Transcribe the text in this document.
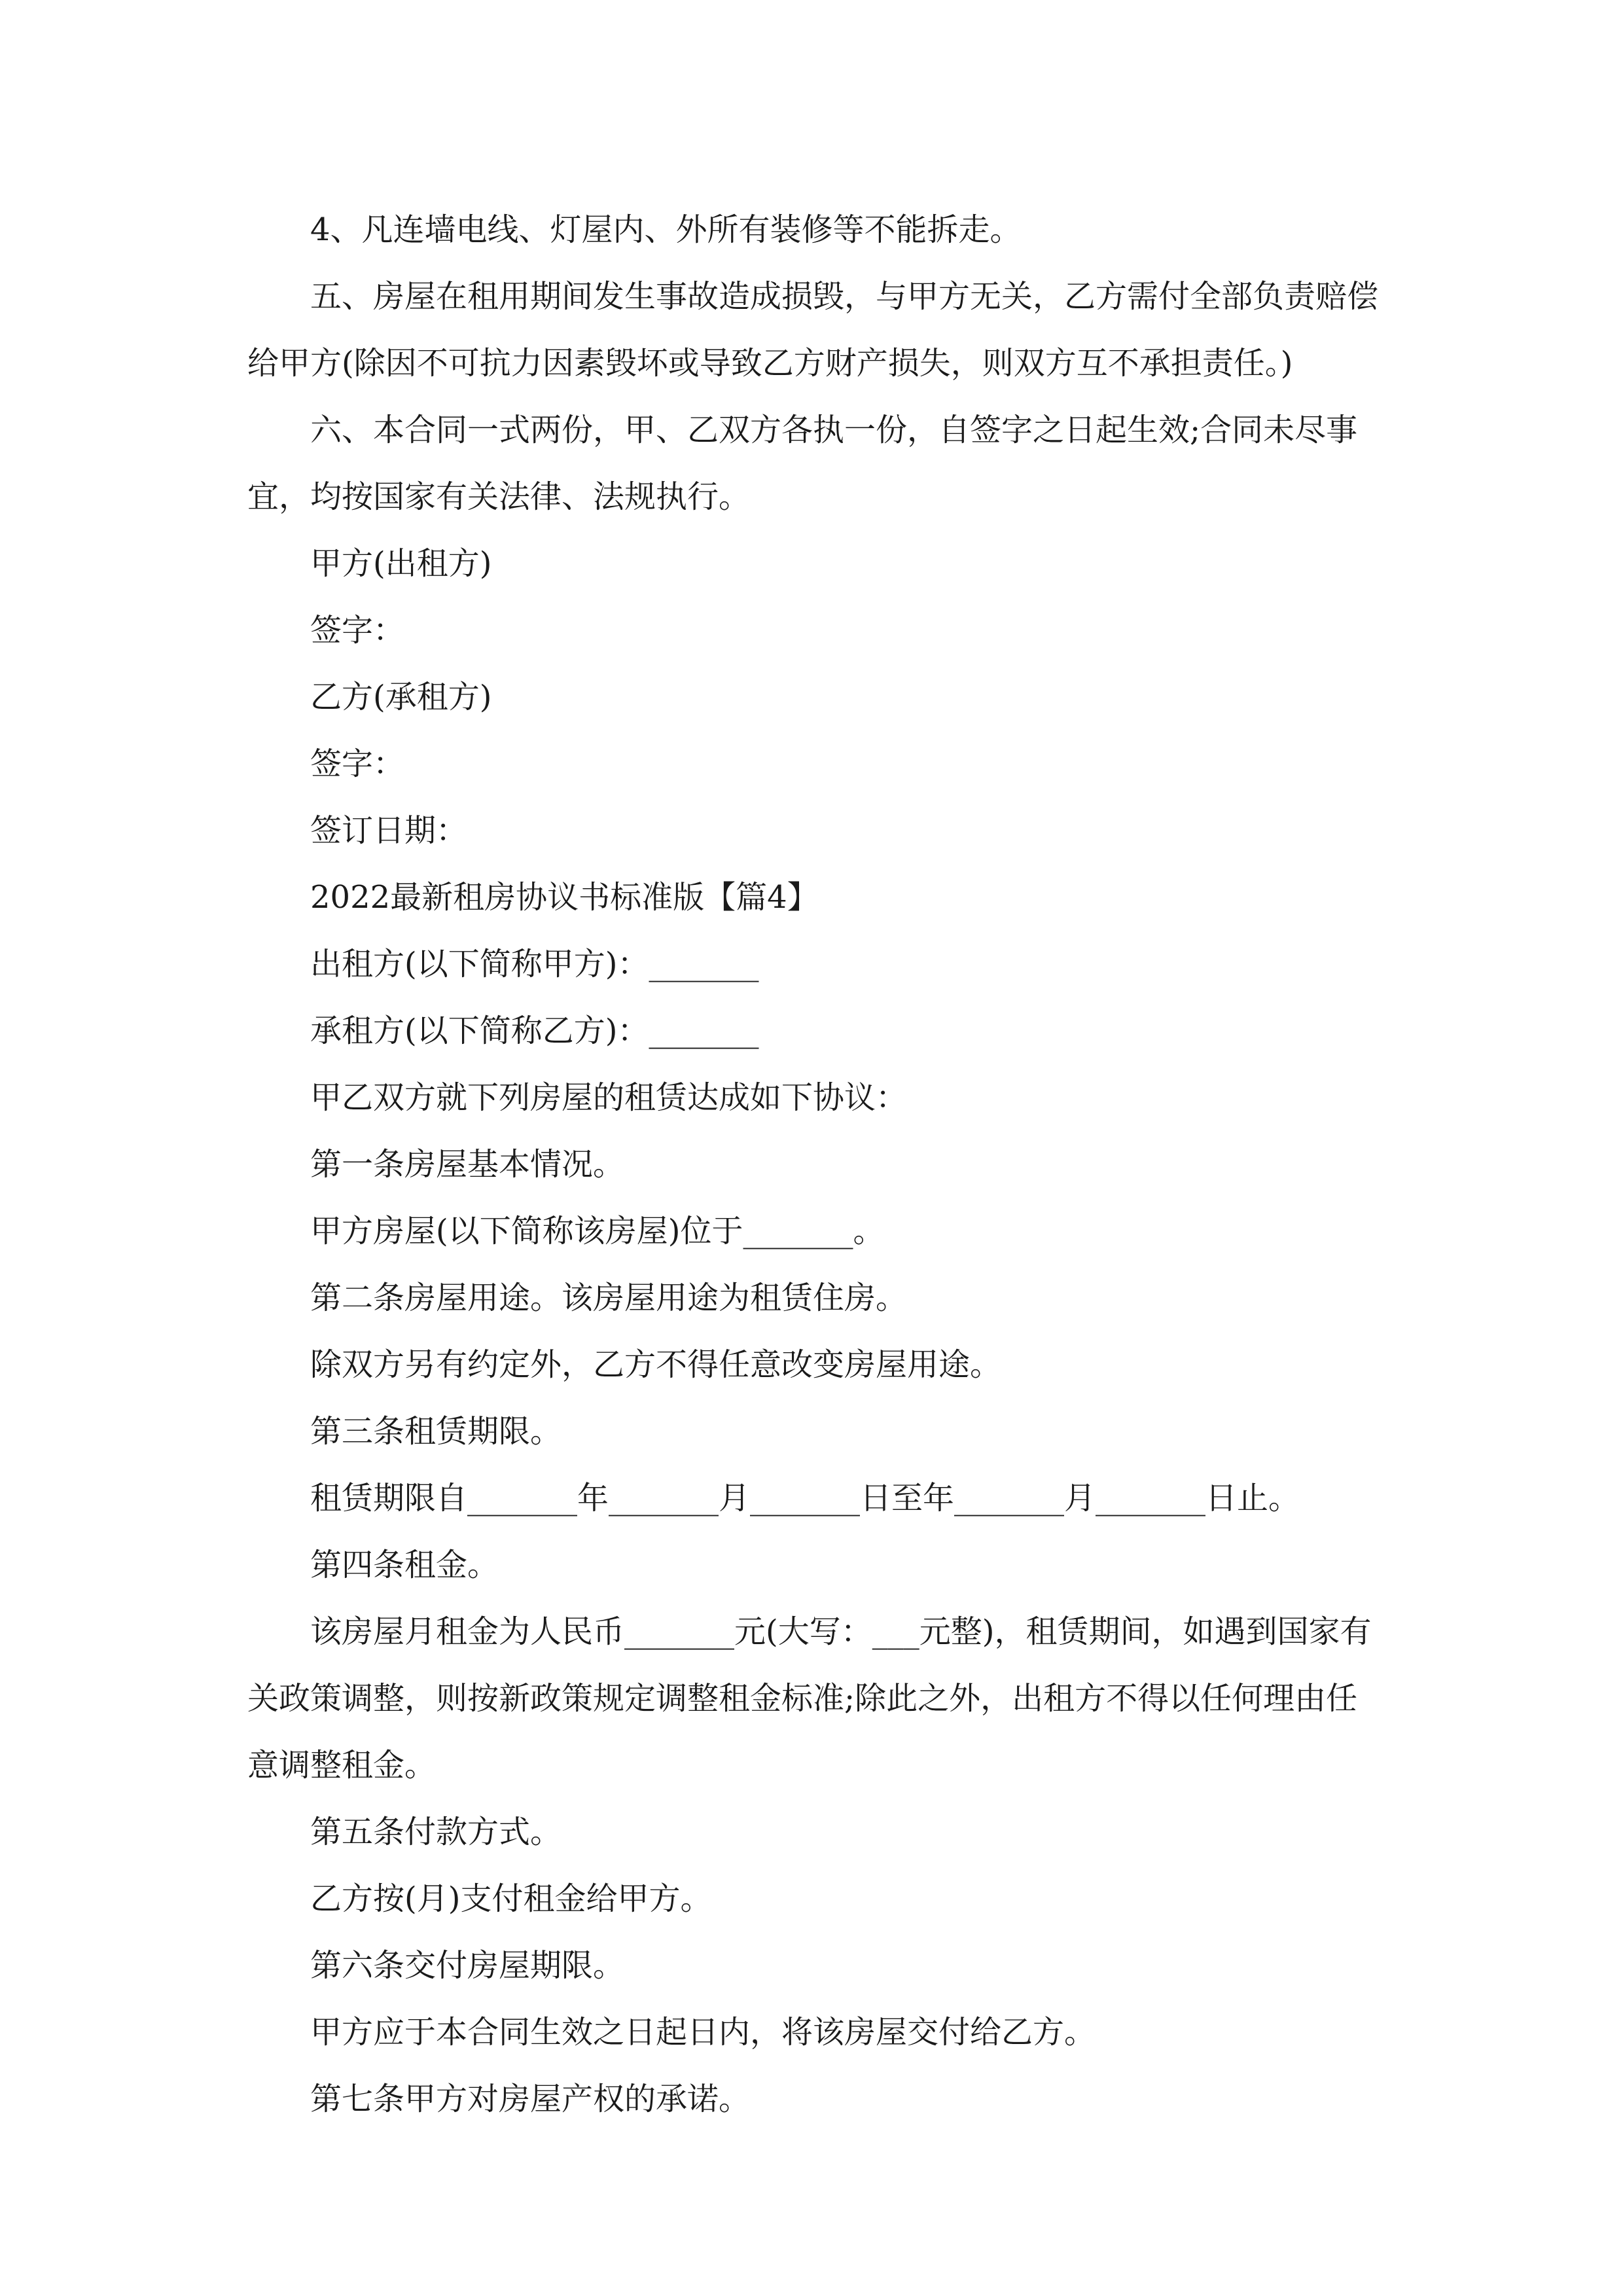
4、凡连墙电线、灯屋内、外所有装修等不能拆走。

五、房屋在租用期间发生事故造成损毁，与甲方无关，乙方需付全部负责赔偿给甲方(除因不可抗力因素毁坏或导致乙方财产损失，则双方互不承担责任。)

六、本合同一式两份，甲、乙双方各执一份，自签字之日起生效;合同未尽事宜，均按国家有关法律、法规执行。

甲方(出租方)

签字：

乙方(承租方)

签字：

签订日期：

2022最新租房协议书标准版【篇4】

出租方(以下简称甲方)：_______

承租方(以下简称乙方)：_______

甲乙双方就下列房屋的租赁达成如下协议：

第一条房屋基本情况。

甲方房屋(以下简称该房屋)位于_______。

第二条房屋用途。该房屋用途为租赁住房。

除双方另有约定外，乙方不得任意改变房屋用途。

第三条租赁期限。

租赁期限自_______年_______月_______日至年_______月_______日止。

第四条租金。

该房屋月租金为人民币_______元(大写：___元整)，租赁期间，如遇到国家有关政策调整，则按新政策规定调整租金标准;除此之外，出租方不得以任何理由任意调整租金。

第五条付款方式。

乙方按(月)支付租金给甲方。

第六条交付房屋期限。

甲方应于本合同生效之日起日内，将该房屋交付给乙方。

第七条甲方对房屋产权的承诺。
